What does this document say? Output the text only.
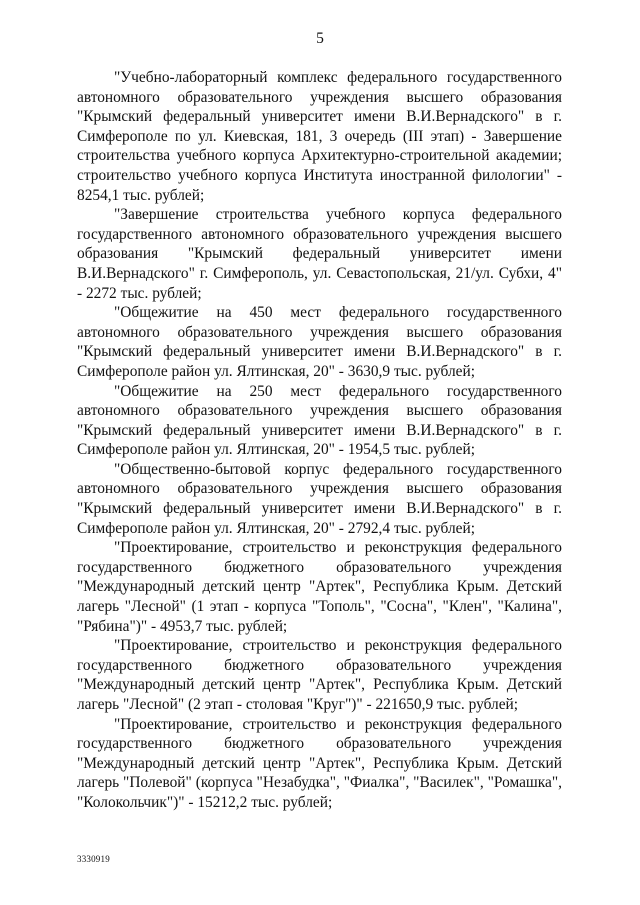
5

"Учебно-лабораторный комплекс федерального государственного автономного образовательного учреждения высшего образования "Крымский федеральный университет имени В.И.Вернадского" в г. Симферополе по ул. Киевская, 181, 3 очередь (III этап) - Завершение строительства учебного корпуса Архитектурно-строительной академии; строительство учебного корпуса Института иностранной филологии" - 8254,1 тыс. рублей;

"Завершение строительства учебного корпуса федерального государственного автономного образовательного учреждения высшего образования "Крымский федеральный университет имени В.И.Вернадского" г. Симферополь, ул. Севастопольская, 21/ул. Субхи, 4" - 2272 тыс. рублей;

"Общежитие на 450 мест федерального государственного автономного образовательного учреждения высшего образования "Крымский федеральный университет имени В.И.Вернадского" в г. Симферополе район ул. Ялтинская, 20" - 3630,9 тыс. рублей;

"Общежитие на 250 мест федерального государственного автономного образовательного учреждения высшего образования "Крымский федеральный университет имени В.И.Вернадского" в г. Симферополе район ул. Ялтинская, 20" - 1954,5 тыс. рублей;

"Общественно-бытовой корпус федерального государственного автономного образовательного учреждения высшего образования "Крымский федеральный университет имени В.И.Вернадского" в г. Симферополе район ул. Ялтинская, 20" - 2792,4 тыс. рублей;

"Проектирование, строительство и реконструкция федерального государственного бюджетного образовательного учреждения "Международный детский центр "Артек", Республика Крым. Детский лагерь "Лесной" (1 этап - корпуса "Тополь", "Сосна", "Клен", "Калина", "Рябина")" - 4953,7 тыс. рублей;

"Проектирование, строительство и реконструкция федерального государственного бюджетного образовательного учреждения "Международный детский центр "Артек", Республика Крым. Детский лагерь "Лесной" (2 этап - столовая "Круг")" - 221650,9 тыс. рублей;

"Проектирование, строительство и реконструкция федерального государственного бюджетного образовательного учреждения "Международный детский центр "Артек", Республика Крым. Детский лагерь "Полевой" (корпуса "Незабудка", "Фиалка", "Василек", "Ромашка", "Колокольчик")" - 15212,2 тыс. рублей;

3330919
